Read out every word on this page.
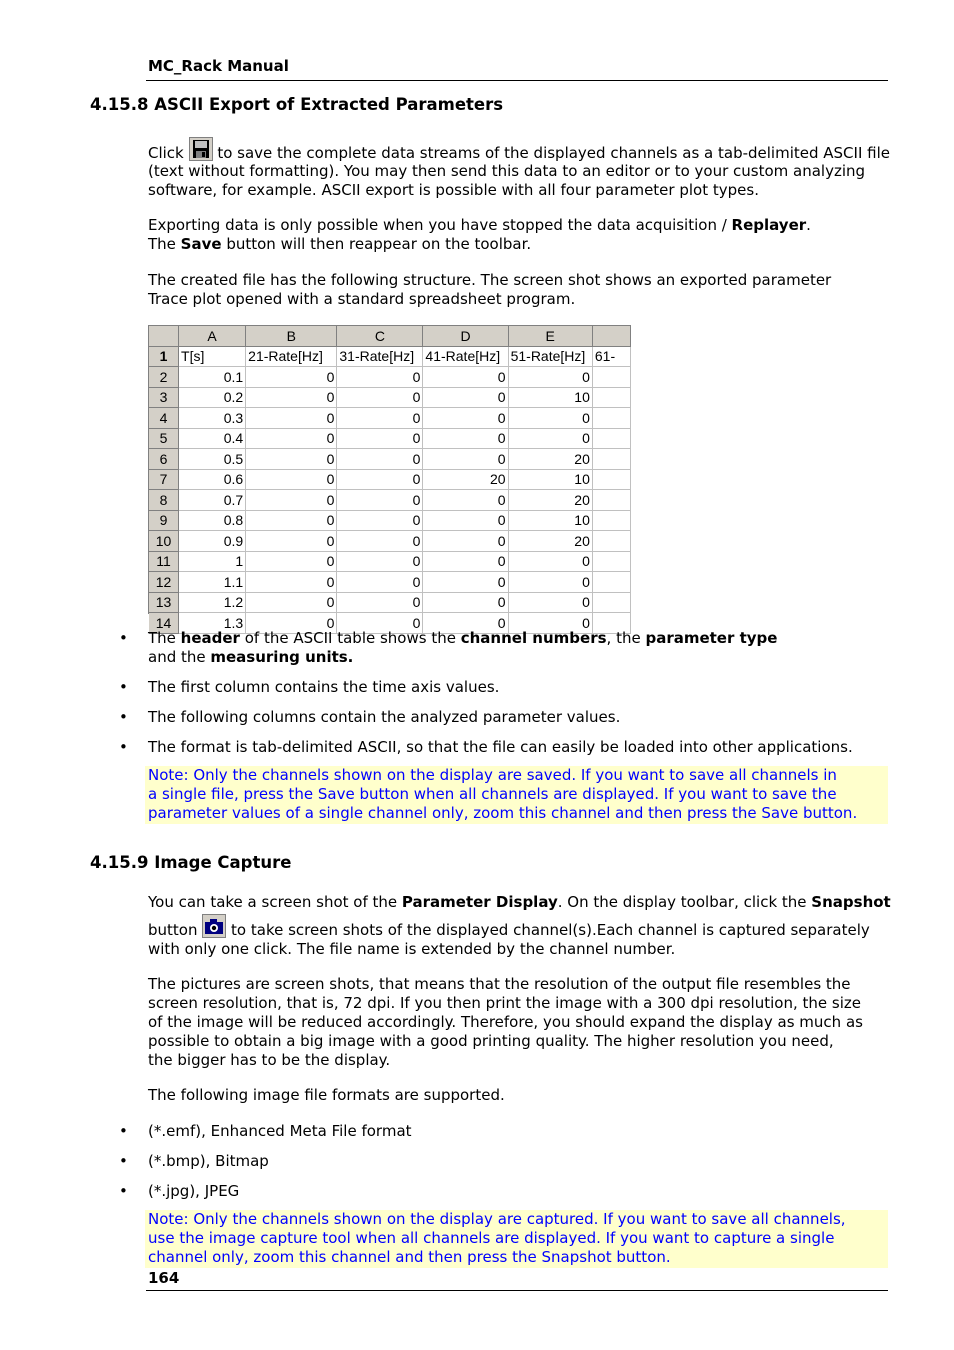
MC_Rack Manual
4.15.8 ASCII Export of Extracted Parameters
Click to save the complete data streams of the displayed channels as a tab-delimited ASCII file
(text without formatting). You may then send this data to an editor or to your custom analyzing
software, for example. ASCII export is possible with all four parameter plot types.
Exporting data is only possible when you have stopped the data acquisition / Replayer.
The Save button will then reappear on the toolbar.
The created file has the following structure. The screen shot shows an exported parameter
Trace plot opened with a standard spreadsheet program.
	A	B	C	D	E	
1	T[s]	21-Rate[Hz]	31-Rate[Hz]	41-Rate[Hz]	51-Rate[Hz]	61-
2	0.1	0	0	0	0	
3	0.2	0	0	0	10	
4	0.3	0	0	0	0	
5	0.4	0	0	0	0	
6	0.5	0	0	0	20	
7	0.6	0	0	20	10	
8	0.7	0	0	0	20	
9	0.8	0	0	0	10	
10	0.9	0	0	0	20	
11	1	0	0	0	0	
12	1.1	0	0	0	0	
13	1.2	0	0	0	0	
14	1.3	0	0	0	0	
• The header of the ASCII table shows the channel numbers, the parameter type
and the measuring units.
• The first column contains the time axis values.
• The following columns contain the analyzed parameter values.
• The format is tab-delimited ASCII, so that the file can easily be loaded into other applications.
Note: Only the channels shown on the display are saved. If you want to save all channels in
a single file, press the Save button when all channels are displayed. If you want to save the
parameter values of a single channel only, zoom this channel and then press the Save button.
4.15.9 Image Capture
You can take a screen shot of the Parameter Display. On the display toolbar, click the Snapshot
button to take screen shots of the displayed channel(s).Each channel is captured separately
with only one click. The file name is extended by the channel number.
The pictures are screen shots, that means that the resolution of the output file resembles the
screen resolution, that is, 72 dpi. If you then print the image with a 300 dpi resolution, the size
of the image will be reduced accordingly. Therefore, you should expand the display as much as
possible to obtain a big image with a good printing quality. The higher resolution you need,
the bigger has to be the display.
The following image file formats are supported.
• (*.emf), Enhanced Meta File format
• (*.bmp), Bitmap
• (*.jpg), JPEG
Note: Only the channels shown on the display are captured. If you want to save all channels,
use the image capture tool when all channels are displayed. If you want to capture a single
channel only, zoom this channel and then press the Snapshot button.
164
